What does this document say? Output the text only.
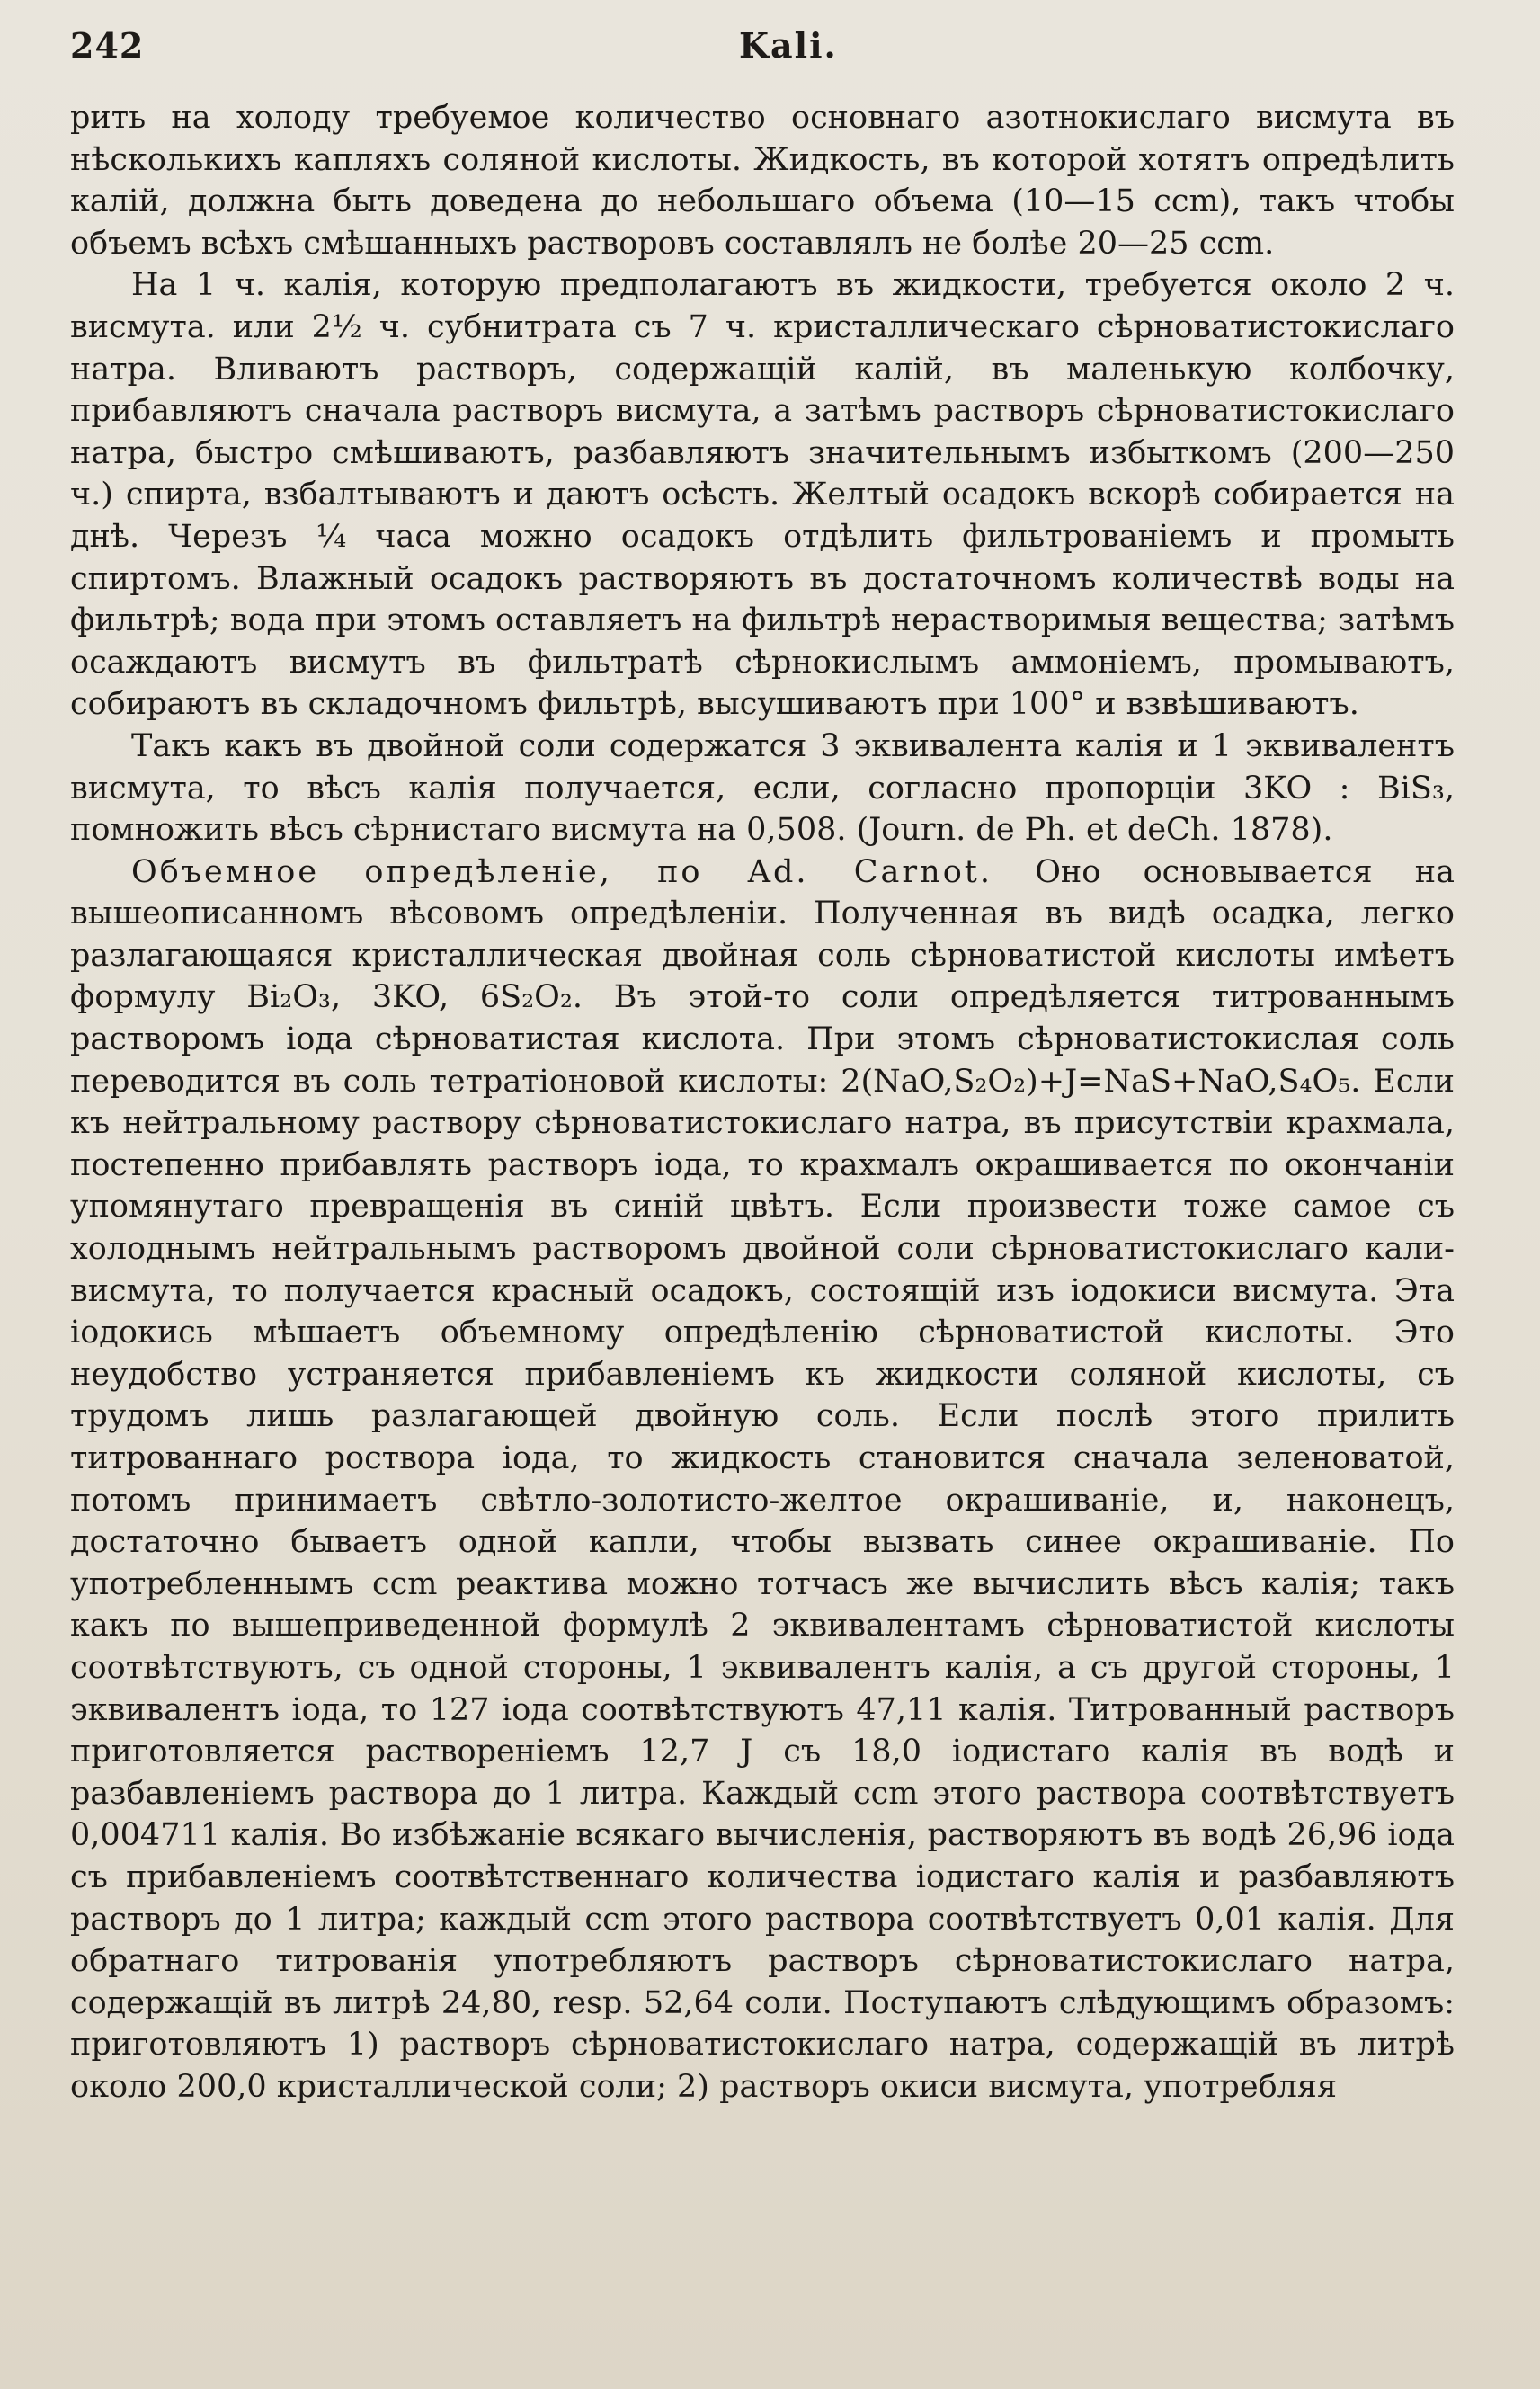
242	Kali.

рить на холоду требуемое количество основнаго азотнокислаго висмута въ нѣсколькихъ капляхъ соляной кислоты. Жидкость, въ которой хотятъ опредѣлить калій, должна быть доведена до небольшаго объема (10—15 ccm), такъ чтобы объемъ всѣхъ смѣшанныхъ растворовъ составлялъ не болѣе 20—25 ccm.

На 1 ч. калія, которую предполагаютъ въ жидкости, требуется около 2 ч. висмута. или 2½ ч. субнитрата съ 7 ч. кристаллическаго сѣрноватистокислаго натра. Вливаютъ растворъ, содержащій калій, въ маленькую колбочку, прибавляютъ сначала растворъ висмута, а затѣмъ растворъ сѣрноватистокислаго натра, быстро смѣшиваютъ, разбавляютъ значительнымъ избыткомъ (200—250 ч.) спирта, взбалтываютъ и даютъ осѣсть. Желтый осадокъ вскорѣ собирается на днѣ. Черезъ ¼ часа можно осадокъ отдѣлить фильтрованіемъ и промыть спиртомъ. Влажный осадокъ растворяютъ въ достаточномъ количествѣ воды на фильтрѣ; вода при этомъ оставляетъ на фильтрѣ нерастворимыя вещества; затѣмъ осаждаютъ висмутъ въ фильтратѣ сѣрнокислымъ аммоніемъ, промываютъ, собираютъ въ складочномъ фильтрѣ, высушиваютъ при 100° и взвѣшиваютъ.

Такъ какъ въ двойной соли содержатся 3 эквивалента калія и 1 эквивалентъ висмута, то вѣсъ калія получается, если, согласно пропорціи 3KO : BiS₃, помножить вѣсъ сѣрнистаго висмута на 0,508. (Journ. de Ph. et deCh. 1878).

Объемное опредѣленіе, по Ad. Carnot. Оно основывается на вышеописанномъ вѣсовомъ опредѣленіи. Полученная въ видѣ осадка, легко разлагающаяся кристаллическая двойная соль сѣрноватистой кислоты имѣетъ формулу Bi₂O₃, 3KO, 6S₂O₂. Въ этой-то соли опредѣляется титрованнымъ растворомъ іода сѣрноватистая кислота. При этомъ сѣрноватистокислая соль переводится въ соль тетратіоновой кислоты: 2(NaO,S₂O₂)+J=NaS+NaO,S₄O₅. Если къ нейтральному раствору сѣрноватистокислаго натра, въ присутствіи крахмала, постепенно прибавлять растворъ іода, то крахмалъ окрашивается по окончаніи упомянутаго превращенія въ синій цвѣтъ. Если произвести тоже самое съ холоднымъ нейтральнымъ растворомъ двойной соли сѣрноватистокислаго кали-висмута, то получается красный осадокъ, состоящій изъ іодокиси висмута. Эта іодокись мѣшаетъ объемному опредѣленію сѣрноватистой кислоты. Это неудобство устраняется прибавленіемъ къ жидкости соляной кислоты, съ трудомъ лишь разлагающей двойную соль. Если послѣ этого прилить титрованнаго роствора іода, то жидкость становится сначала зеленоватой, потомъ принимаетъ свѣтло-золотисто-желтое окрашиваніе, и, наконецъ, достаточно бываетъ одной капли, чтобы вызвать синее окрашиваніе. По употребленнымъ ccm реактива можно тотчасъ же вычислить вѣсъ калія; такъ какъ по вышеприведенной формулѣ 2 эквивалентамъ сѣрноватистой кислоты соотвѣтствуютъ, съ одной стороны, 1 эквивалентъ калія, а съ другой стороны, 1 эквивалентъ іода, то 127 іода соотвѣтствуютъ 47,11 калія. Титрованный растворъ приготовляется раствореніемъ 12,7 J съ 18,0 іодистаго калія въ водѣ и разбавленіемъ раствора до 1 литра. Каждый ccm этого раствора соотвѣтствуетъ 0,004711 калія. Во избѣжаніе всякаго вычисленія, растворяютъ въ водѣ 26,96 іода съ прибавленіемъ соотвѣтственнаго количества іодистаго калія и разбавляютъ растворъ до 1 литра; каждый ccm этого раствора соотвѣтствуетъ 0,01 калія. Для обратнаго титрованія употребляютъ растворъ сѣрноватистокислаго натра, содержащій въ литрѣ 24,80, resp. 52,64 соли. Поступаютъ слѣдующимъ образомъ: приготовляютъ 1) растворъ сѣрноватистокислаго натра, содержащій въ литрѣ около 200,0 кристаллической соли; 2) растворъ окиси висмута, употребляя
